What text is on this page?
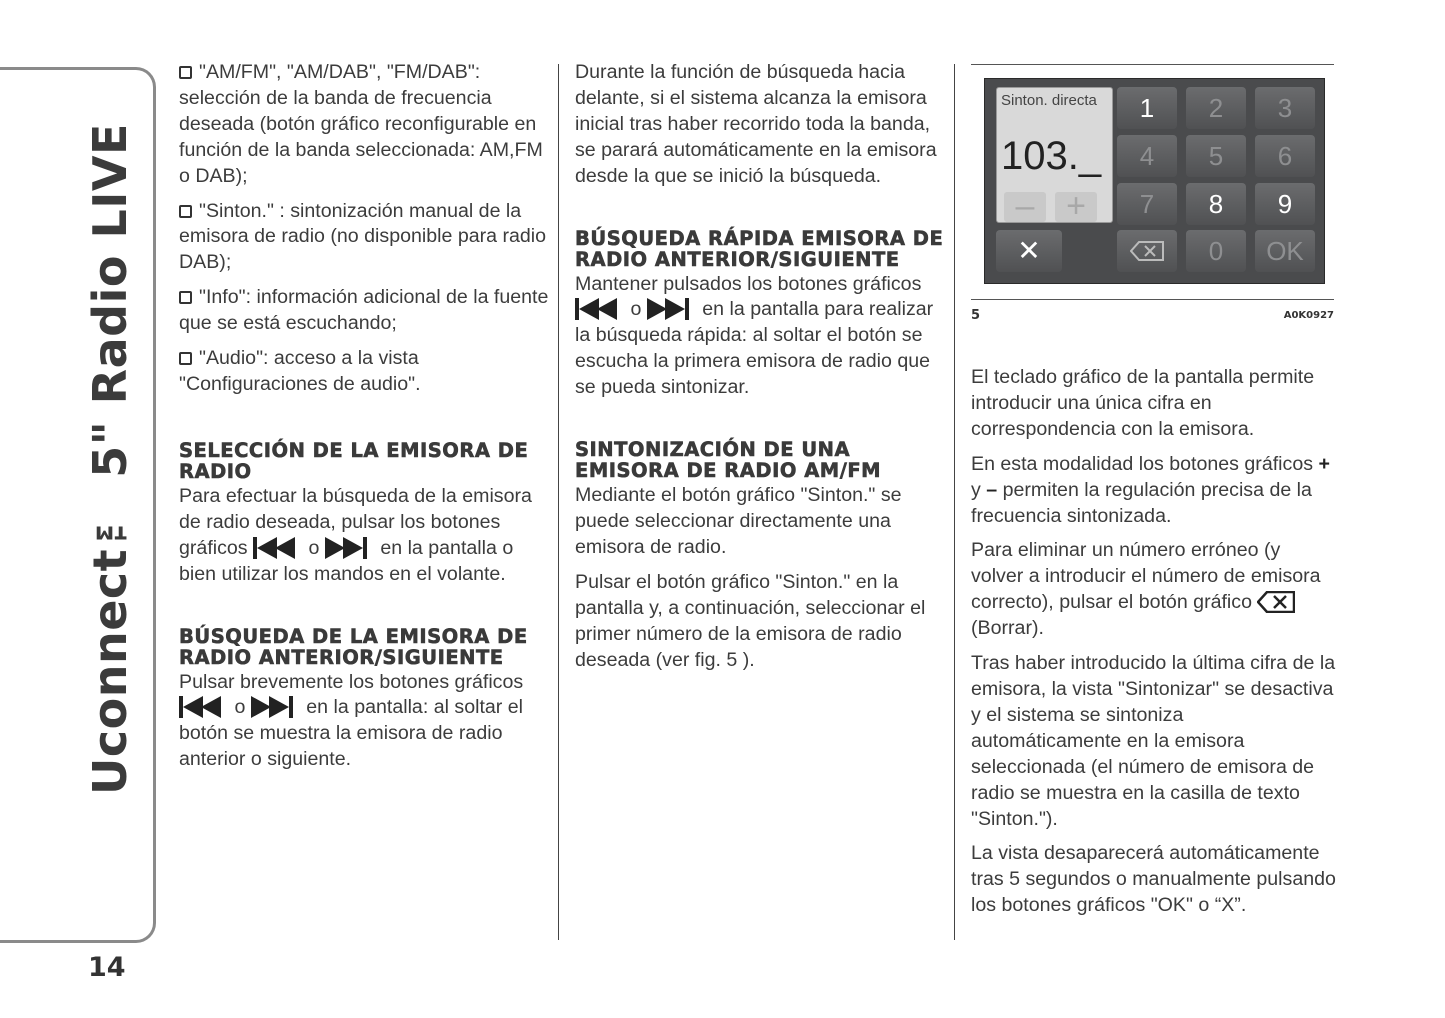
Uconnect™ 5" Radio LIVE
14

"AM/FM", "AM/DAB", "FM/DAB": selección de la banda de frecuencia deseada (botón gráfico reconfigurable en función de la banda seleccionada: AM,FM o DAB);

"Sinton." : sintonización manual de la emisora de radio (no disponible para radio DAB);

"Info": información adicional de la fuente que se está escuchando;

"Audio": acceso a la vista "Configuraciones de audio".

SELECCIÓN DE LA EMISORA DE RADIO

Para efectuar la búsqueda de la emisora de radio deseada, pulsar los botones gráficos	o	en la pantalla o bien utilizar los mandos en el volante.

BÚSQUEDA DE LA EMISORA DE RADIO ANTERIOR/SIGUIENTE

Pulsar brevemente los botones gráficos
o	en la pantalla: al soltar el botón se muestra la emisora de radio anterior o siguiente.

Durante la función de búsqueda hacia delante, si el sistema alcanza la emisora inicial tras haber recorrido toda la banda, se parará automáticamente en la emisora desde la que se inició la búsqueda.

BÚSQUEDA RÁPIDA EMISORA DE RADIO ANTERIOR/SIGUIENTE

Mantener pulsados los botones gráficos
o	en la pantalla para realizar la búsqueda rápida: al soltar el botón se escucha la primera emisora de radio que se pueda sintonizar.

SINTONIZACIÓN DE UNA EMISORA DE RADIO AM/FM

Mediante el botón gráfico "Sinton." se puede seleccionar directamente una emisora de radio.

Pulsar el botón gráfico "Sinton." en la pantalla y, a continuación, seleccionar el primer número de la emisora de radio deseada (ver fig. 5 ).

Sinton. directa
103._
– +
✕
1	2	3
4	5	6
7	8	9
0	OK
5	A0K0927

El teclado gráfico de la pantalla permite introducir una única cifra en correspondencia con la emisora.

En esta modalidad los botones gráficos + y – permiten la regulación precisa de la frecuencia sintonizada.

Para eliminar un número erróneo (y volver a introducir el número de emisora correcto), pulsar el botón gráfico
(Borrar).

Tras haber introducido la última cifra de la emisora, la vista "Sintonizar" se desactiva y el sistema se sintoniza automáticamente en la emisora seleccionada (el número de emisora de radio se muestra en la casilla de texto "Sinton.").

La vista desaparecerá automáticamente tras 5 segundos o manualmente pulsando los botones gráficos "OK" o “X”.
